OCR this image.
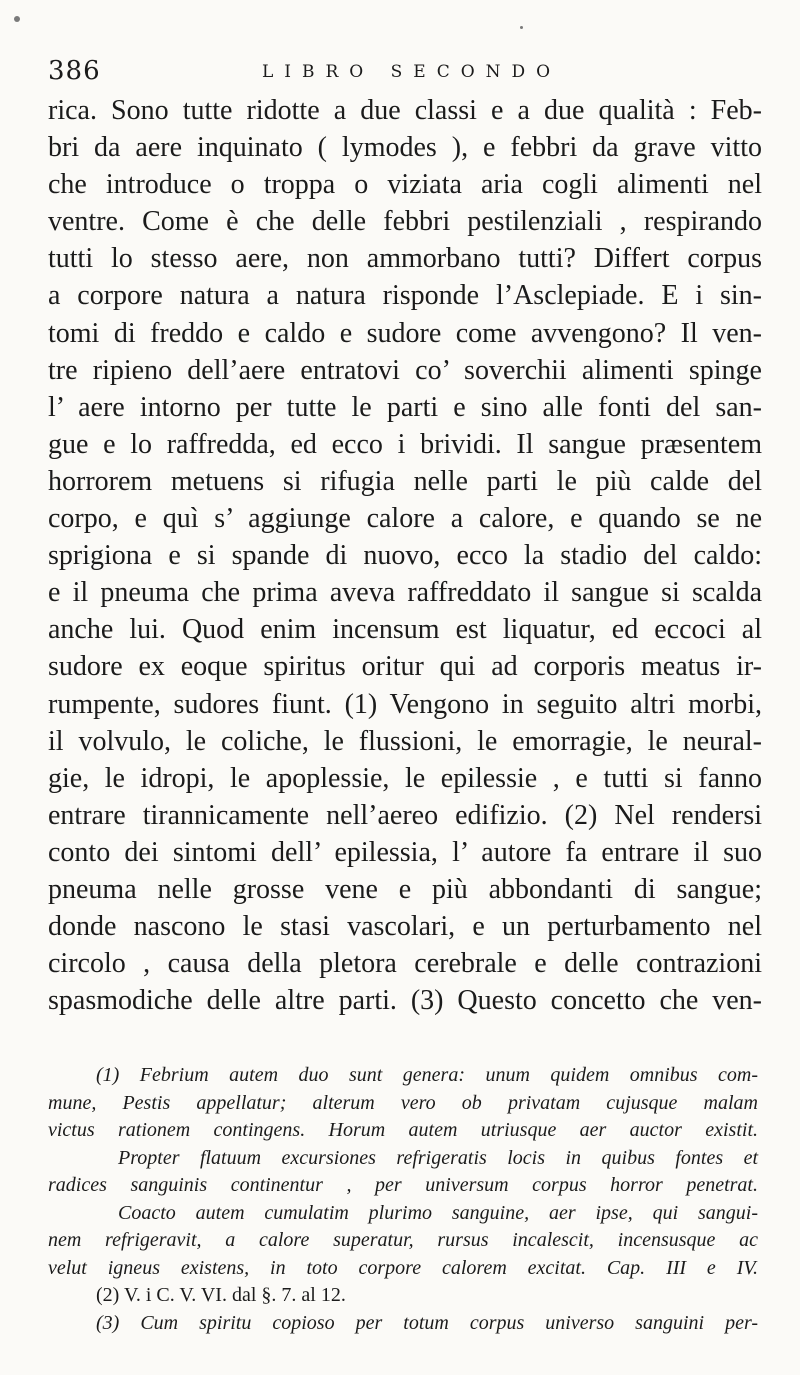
386	LIBRO SECONDO
rica. Sono tutte ridotte a due classi e a due qualità : Feb-
bri da aere inquinato ( lymodes ), e febbri da grave vitto
che introduce o troppa o viziata aria cogli alimenti nel
ventre. Come è che delle febbri pestilenziali , respirando
tutti lo stesso aere, non ammorbano tutti? Differt corpus
a corpore natura a natura risponde l’Asclepiade. E i sin-
tomi di freddo e caldo e sudore come avvengono? Il ven-
tre ripieno dell’aere entratovi co’ soverchii alimenti spinge
l’ aere intorno per tutte le parti e sino alle fonti del san-
gue e lo raffredda, ed ecco i brividi. Il sangue præsentem
horrorem metuens si rifugia nelle parti le più calde del
corpo, e quì s’ aggiunge calore a calore, e quando se ne
sprigiona e si spande di nuovo, ecco la stadio del caldo:
e il pneuma che prima aveva raffreddato il sangue si scalda
anche lui. Quod enim incensum est liquatur, ed eccoci al
sudore ex eoque spiritus oritur qui ad corporis meatus ir-
rumpente, sudores fiunt. (1) Vengono in seguito altri morbi,
il volvulo, le coliche, le flussioni, le emorragie, le neural-
gie, le idropi, le apoplessie, le epilessie , e tutti si fanno
entrare tirannicamente nell’aereo edifizio. (2) Nel rendersi
conto dei sintomi dell’ epilessia, l’ autore fa entrare il suo
pneuma nelle grosse vene e più abbondanti di sangue;
donde nascono le stasi vascolari, e un perturbamento nel
circolo , causa della pletora cerebrale e delle contrazioni
spasmodiche delle altre parti. (3) Questo concetto che ven-
(1) Febrium autem duo sunt genera: unum quidem omnibus com-
mune, Pestis appellatur; alterum vero ob privatam cujusque malam
victus rationem contingens. Horum autem utriusque aer auctor existit.
Propter flatuum excursiones refrigeratis locis in quibus fontes et
radices sanguinis continentur , per universum corpus horror penetrat.
Coacto autem cumulatim plurimo sanguine, aer ipse, qui sangui-
nem refrigeravit, a calore superatur, rursus incalescit, incensusque ac
velut igneus existens, in toto corpore calorem excitat. Cap. III e IV.
(2) V. i C. V. VI. dal §. 7. al 12.
(3) Cum spiritu copioso per totum corpus universo sanguini per-
